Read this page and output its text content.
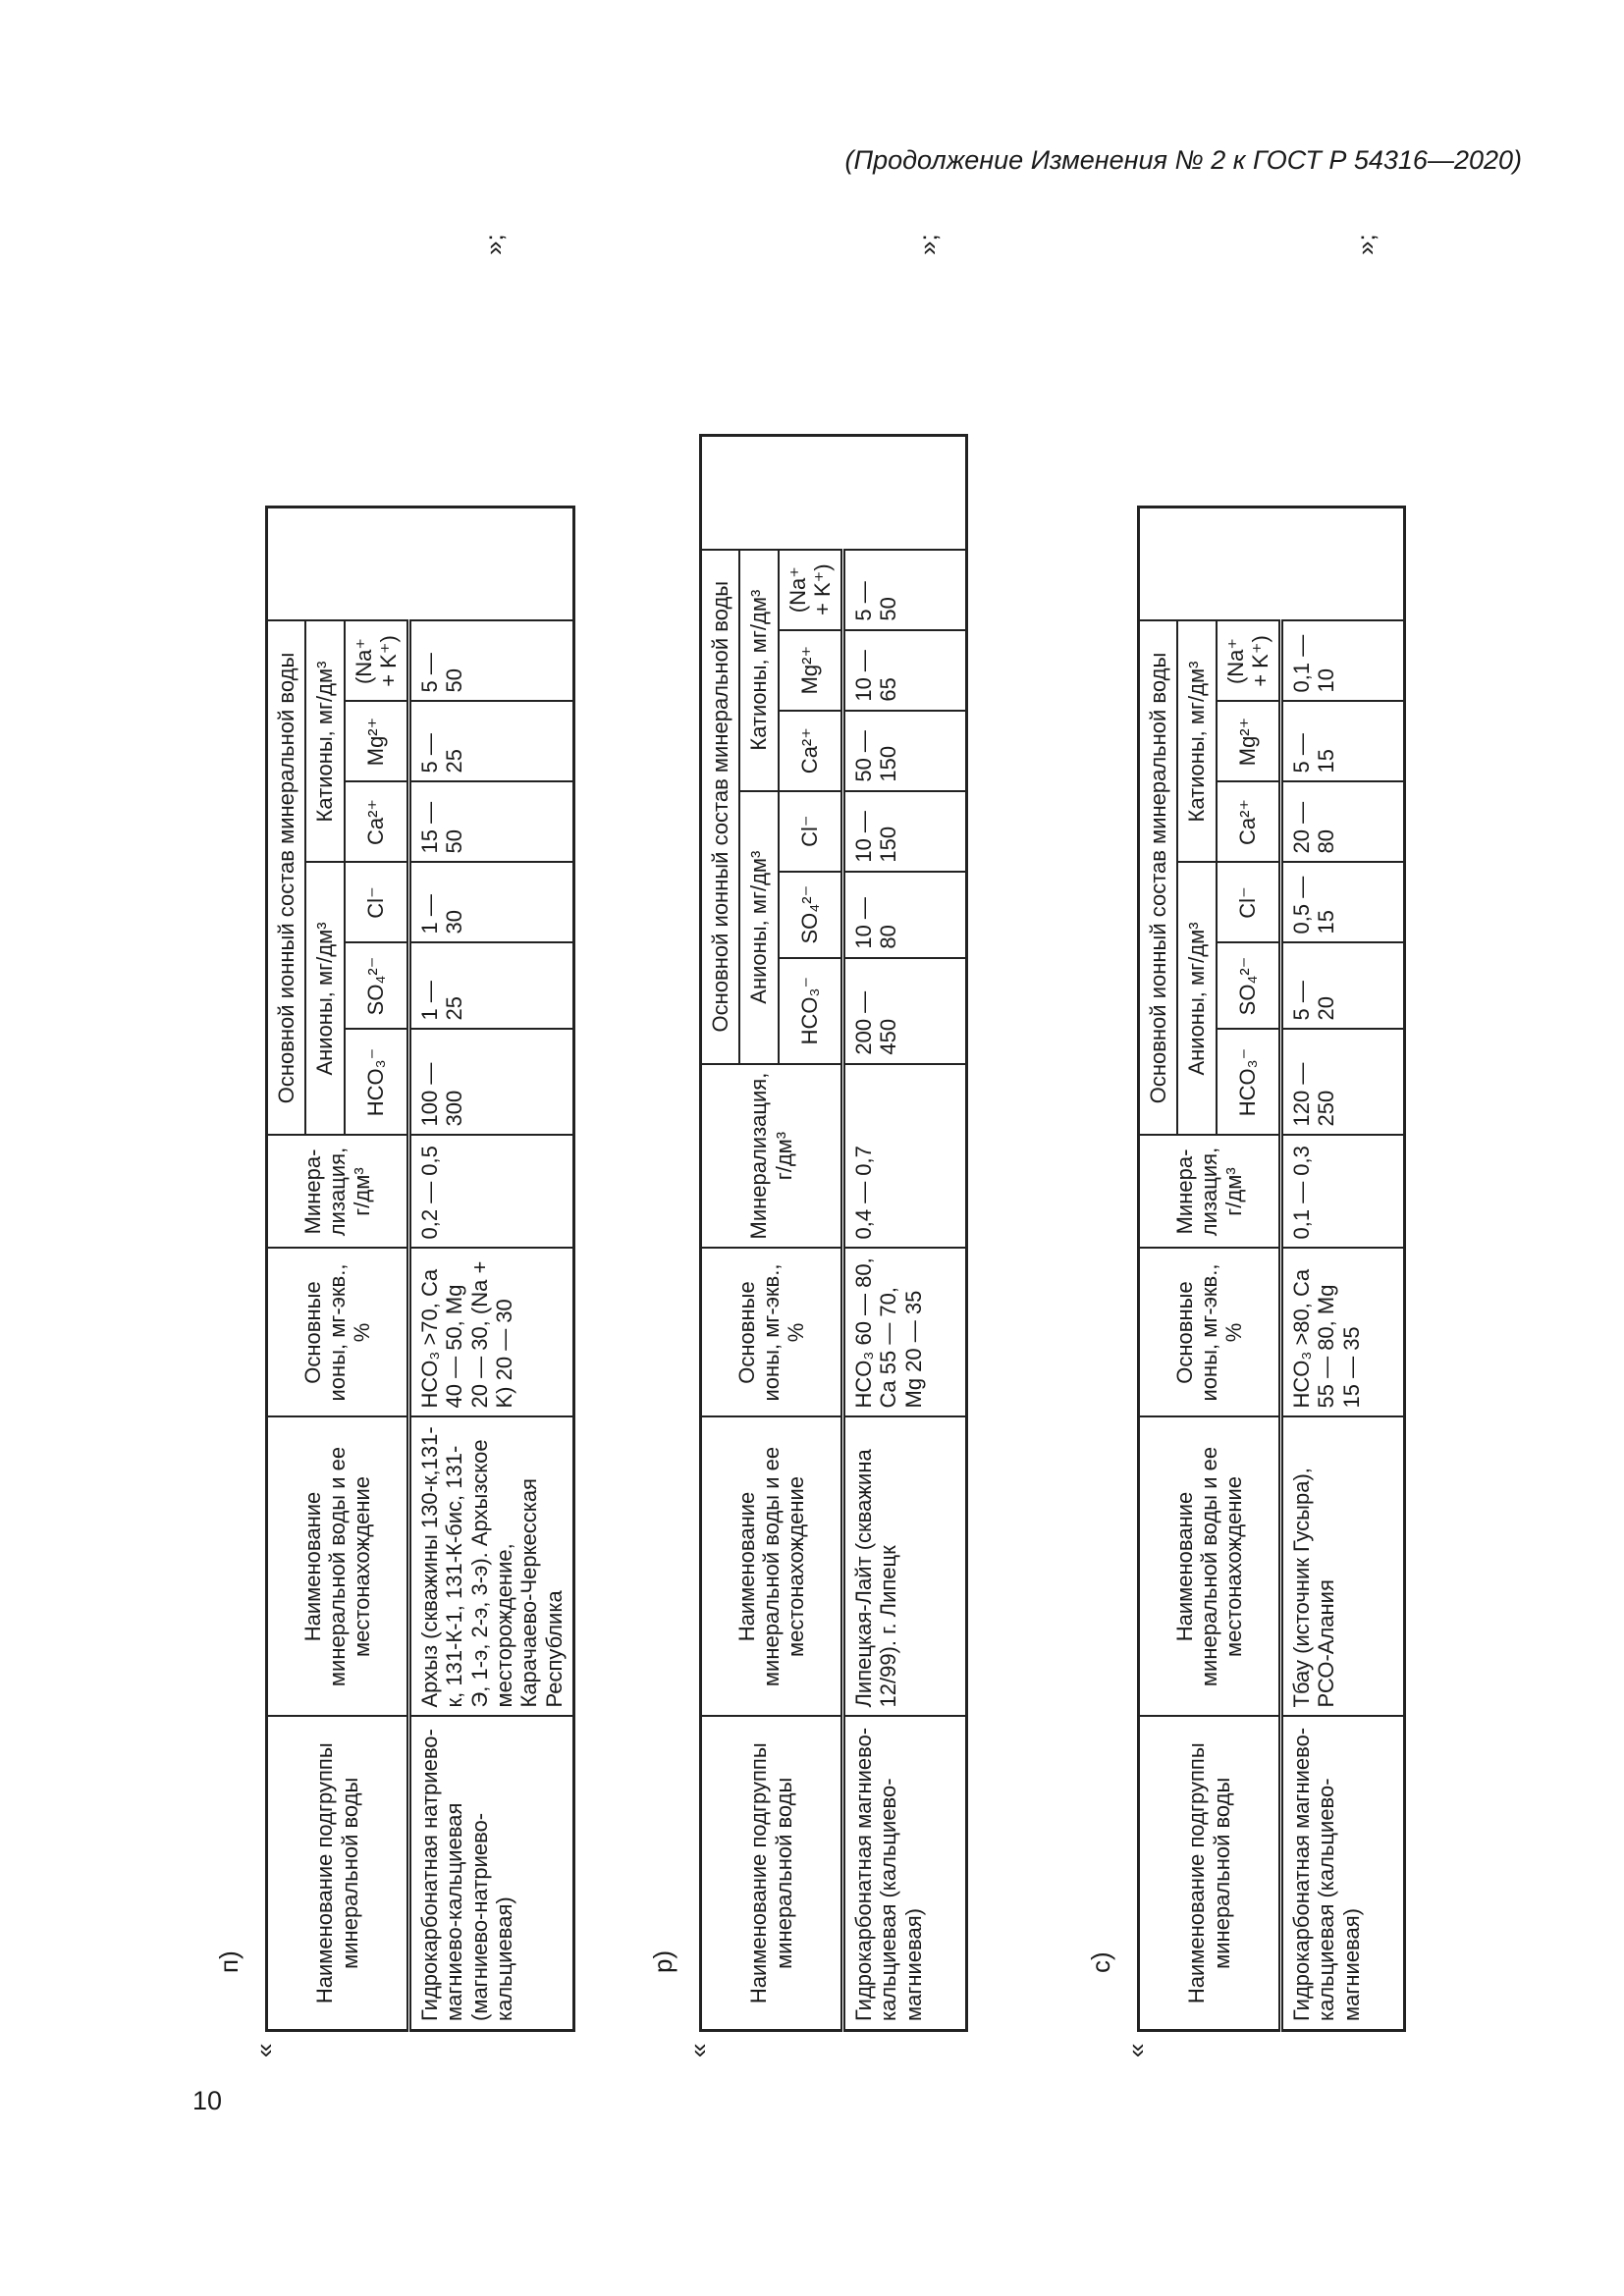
(Продолжение Изменения № 2 к ГОСТ Р 54316—2020)
10
п)
«
Наименование подгруппы минеральной воды	Наименование минеральной воды и ее местонахождение	Основные ионы, мг-экв., %	Минера-лизация, г/дм³	Основной ионный состав минеральной воды					
				Анионы, мг/дм³			Катионы, мг/дм³		
				HCO₃⁻	SO₄²⁻	Cl⁻	Ca²⁺	Mg²⁺	(Na⁺ + K⁺)
Гидрокарбонатная натриево-магниево-кальциевая (магниево-натриево-кальциевая)	Архыз (скважины 130-к,131-к, 131-К-1, 131-К-бис, 131-Э, 1-э, 2-э, 3-э). Архызское месторождение, Карачаево-Черкесская Республика	HCO₃ >70, Ca 40 — 50, Mg 20 — 30, (Na + K) 20 — 30	0,2 — 0,5	100 — 300	1 — 25	1 — 30	15 — 50	5 — 25	5 — 50
»;
р)
«
Наименование подгруппы минеральной воды	Наименование минеральной воды и ее местонахождение	Основные ионы, мг-экв., %	Минерализация, г/дм³	Основной ионный состав минеральной воды					
				Анионы, мг/дм³			Катионы, мг/дм³		
				HCO₃⁻	SO₄²⁻	Cl⁻	Ca²⁺	Mg²⁺	(Na⁺ + K⁺)
Гидрокарбонатная магниево-кальциевая (кальциево-магниевая)	Липецкая-Лайт (скважина 12/99). г. Липецк	HCO₃ 60 — 80, Ca 55 — 70, Mg 20 — 35	0,4 — 0,7	200 — 450	10 — 80	10 — 150	50 — 150	10 — 65	5 — 50
»;
с)
«
Наименование подгруппы минеральной воды	Наименование минеральной воды и ее местонахождение	Основные ионы, мг-экв., %	Минера-лизация, г/дм³	Основной ионный состав минеральной воды					
				Анионы, мг/дм³			Катионы, мг/дм³		
				HCO₃⁻	SO₄²⁻	Cl⁻	Ca²⁺	Mg²⁺	(Na⁺ + K⁺)
Гидрокарбонатная магниево-кальциевая (кальциево-магниевая)	Тбау (источник Гусыра), РСО-Алания	HCO₃ >80, Ca 55 — 80, Mg 15 — 35	0,1 — 0,3	120 — 250	5 — 20	0,5 — 15	20 — 80	5 — 15	0,1 — 10
»;
